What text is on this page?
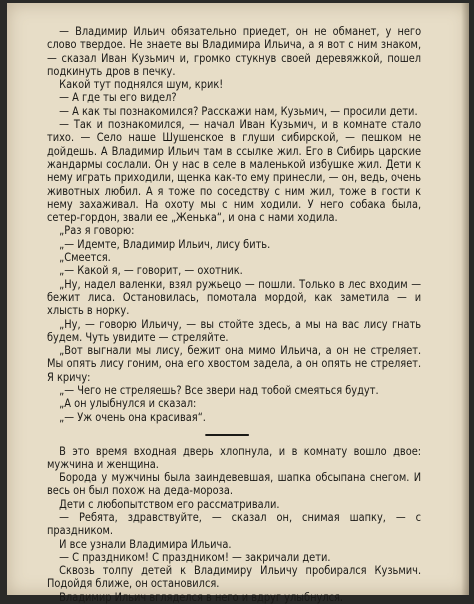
— Владимир Ильич обязательно приедет, он не обманет, у него слово твердое. Не знаете вы Владимира Ильича, а я вот с ним знаком, — сказал Иван Кузьмич и, громко стукнув своей деревяжкой, пошел подкинуть дров в печку.

Какой тут поднялся шум, крик!

— А где ты его видел?

— А как ты познакомился? Расскажи нам, Кузьмич, — просили дети.

— Так и познакомился, — начал Иван Кузьмич, и в комнате стало тихо. — Село наше Шушенское в глуши сибирской, — пешком не дойдешь. А Владимир Ильич там в ссылке жил. Его в Сибирь царские жандармы сослали. Он у нас в селе в маленькой избушке жил. Дети к нему играть приходили, щенка как-то ему принесли, — он, ведь, очень животных любил. А я тоже по соседству с ним жил, тоже в гости к нему захаживал. На охоту мы с ним ходили. У него собака была, сетер-гордон, звали ее „Женька“, и она с нами ходила.

„Раз я говорю:

„— Идемте, Владимир Ильич, лису бить.

„Смеется.

„— Какой я, — говорит, — охотник.

„Ну, надел валенки, взял ружьецо — пошли. Только в лес входим — бежит лиса. Остановилась, помотала мордой, как заметила — и хлысть в норку.

„Ну, — говорю Ильичу, — вы стойте здесь, а мы на вас лису гнать будем. Чуть увидите — стреляйте.

„Вот выгнали мы лису, бежит она мимо Ильича, а он не стреляет. Мы опять лису гоним, она его хвостом задела, а он опять не стреляет. Я кричу:

„— Чего не стреляешь? Все звери над тобой смеяться будут.

„А он улыбнулся и сказал:

„— Уж очень она красивая“.

В это время входная дверь хлопнула, и в комнату вошло двое: мужчина и женщина.

Борода у мужчины была заиндевевшая, шапка обсыпана снегом. И весь он был похож на деда-мороза.

Дети с любопытством его рассматривали.

— Ребята, здравствуйте, — сказал он, снимая шапку, — с праздником.

И все узнали Владимира Ильича.

— С праздником! С праздником! — закричали дети.

Сквозь толпу детей к Владимиру Ильичу пробирался Кузьмич. Подойдя ближе, он остановился.

Владимир Ильич вгляделся в него и вдруг улыбнулся.
